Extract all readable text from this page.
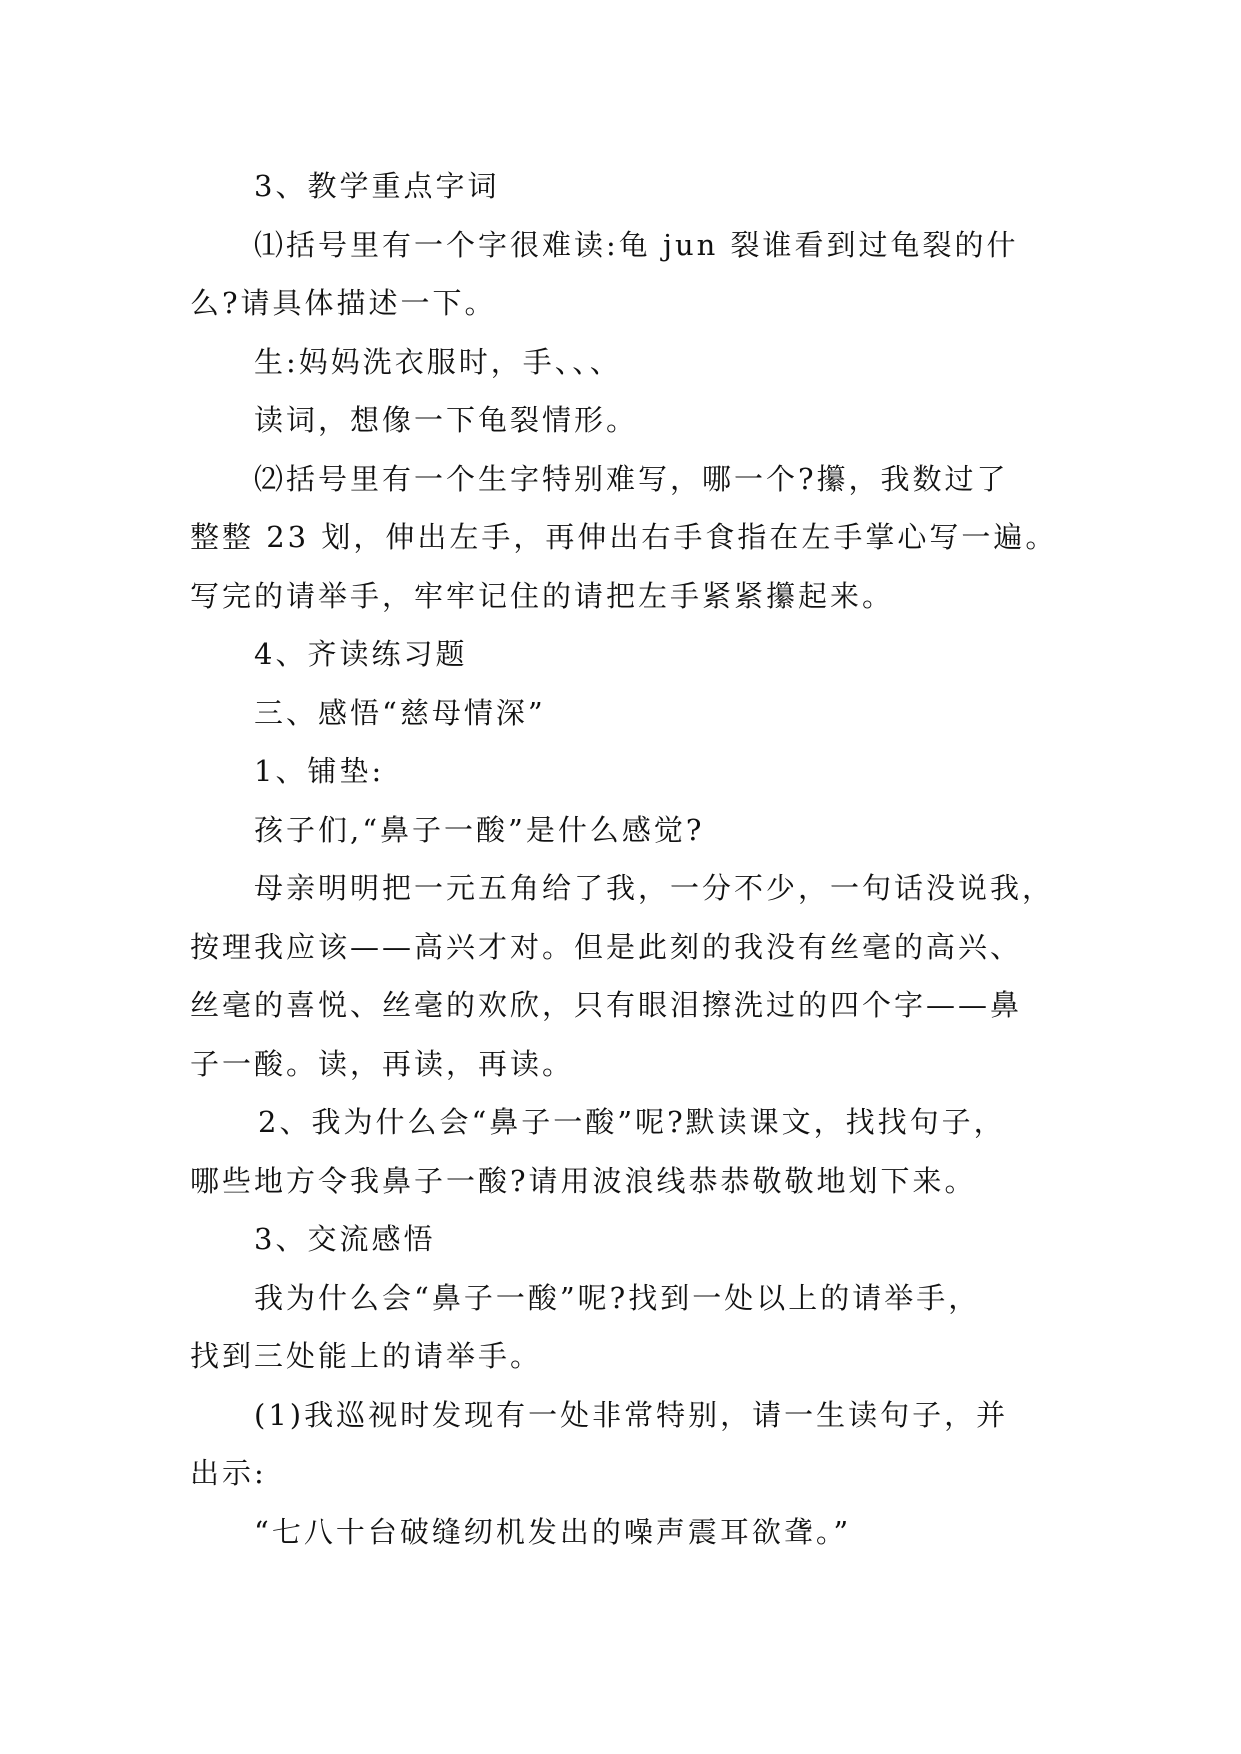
3、教学重点字词
⑴括号里有一个字很难读:龟 jun 裂谁看到过龟裂的什
么?请具体描述一下。
生:妈妈洗衣服时，手、、、
读词，想像一下龟裂情形。
⑵括号里有一个生字特别难写，哪一个?攥，我数过了
整整 23 划，伸出左手，再伸出右手食指在左手掌心写一遍。
写完的请举手，牢牢记住的请把左手紧紧攥起来。
4、齐读练习题
三、感悟“慈母情深”
1、铺垫:
孩子们,“鼻子一酸”是什么感觉?
母亲明明把一元五角给了我，一分不少，一句话没说我，
按理我应该——高兴才对。但是此刻的我没有丝毫的高兴、
丝毫的喜悦、丝毫的欢欣，只有眼泪擦洗过的四个字——鼻
子一酸。读，再读，再读。
2、我为什么会“鼻子一酸”呢?默读课文，找找句子，
哪些地方令我鼻子一酸?请用波浪线恭恭敬敬地划下来。
3、交流感悟
我为什么会“鼻子一酸”呢?找到一处以上的请举手，
找到三处能上的请举手。
(1)我巡视时发现有一处非常特别，请一生读句子，并
出示:
“七八十台破缝纫机发出的噪声震耳欲聋。”
